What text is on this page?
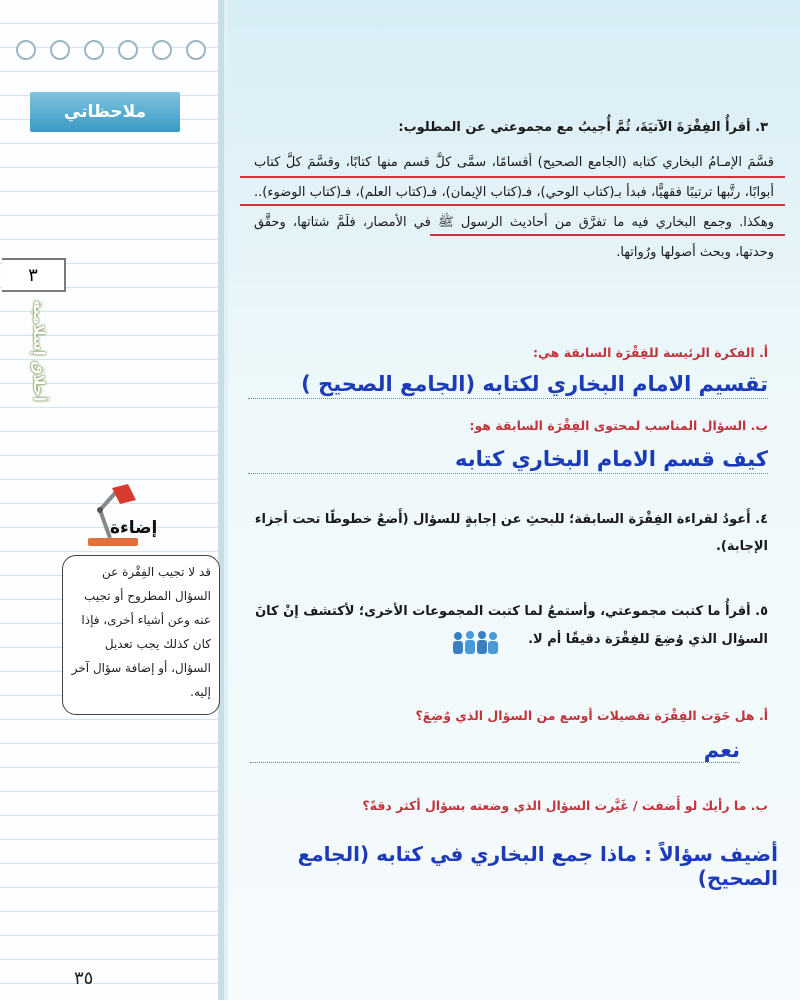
ملاحظاتي
٣
أخلاق إسلامية
إضاءة
قد لا تجيب الفِقْرة عن السؤال المطروح أو تجيب عنه وعن أشياء أخرى، فإذا كان كذلك يجب تعديل السؤال، أو إضافة سؤال آخر إليه.
٣٥
٣. أقرأُ الفِقْرَةَ الآتيَةَ، ثُمَّ أُجيبُ مع مجموعتي عن المطلوب:
قسَّمَ الإمـامُ البخاري كتابه (الجامع الصحيح) أقسامًا، سمَّى كلَّ قسم منها كتابًا، وقسَّمَ كلَّ كتاب أبوابًا، رتَّبها ترتيبًا فقهيًّا، فبدأ بـ(كتاب الوحي)، فـ(كتاب الإيمان)، فـ(كتاب العلم)، فـ(كتاب الوضوء).. وهكذا. وجمع البخاري فيه ما تفرَّق من أحاديث الرسول ﷺ في الأمصار، فلَمَّ شتاتها، وحقَّق وحدتها، وبحث أصولها ورُواتها.
أ. الفكرة الرئيسة للفِقْرَة السابقة هي:
تقسيم الامام البخاري لكتابه (الجامع الصحيح )
ب. السؤال المناسب لمحتوى الفِقْرَة السابقة هو:
كيف قسم الامام البخاري كتابه
٤. أَعودُ لقراءة الفِقْرَة السابقة؛ للبحثِ عن إجابةٍ للسؤال (أَضعُ خطوطًا تحت أجزاء الإجابة).
٥. أقرأُ ما كتبت مجموعتي، وأستمعُ لما كتبت المجموعات الأخرى؛ لأكتشف إنْ كانَ السؤال الذي وُضِعَ للفِقْرَة دقيقًا أم لا.
أ. هل حَوَت الفِقْرَة تفصيلات أوسع من السؤال الذي وُضِعَ؟
نعم
ب. ما رأيك لو أَضفت / غَيَّرت السؤال الذي وضعته بسؤال أكثر دقةً؟
أضيف سؤالاً : ماذا جمع البخاري في كتابه (الجامع الصحيح)
